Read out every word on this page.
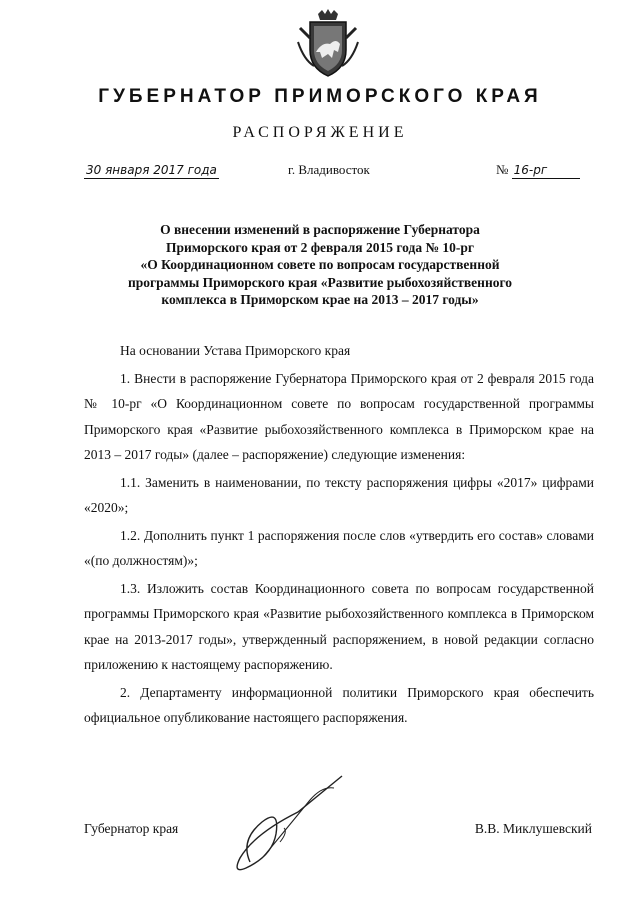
ГУБЕРНАТОР ПРИМОРСКОГО КРАЯ
РАСПОРЯЖЕНИЕ
30 января 2017 года	г. Владивосток	№ 16-рг
О внесении изменений в распоряжение Губернатора
Приморского края от 2 февраля 2015 года № 10-рг
«О Координационном совете по вопросам государственной
программы Приморского края «Развитие рыбохозяйственного
комплекса в Приморском крае на 2013 – 2017 годы»

На основании Устава Приморского края

1. Внести в распоряжение Губернатора Приморского края от 2 февраля 2015 года № 10-рг «О Координационном совете по вопросам государственной программы Приморского края «Развитие рыбохозяйственного комплекса в Приморском крае на 2013 – 2017 годы» (далее – распоряжение) следующие изменения:

1.1. Заменить в наименовании, по тексту распоряжения цифры «2017» цифрами «2020»;

1.2. Дополнить пункт 1 распоряжения после слов «утвердить его состав» словами «(по должностям)»;

1.3. Изложить состав Координационного совета по вопросам государственной программы Приморского края «Развитие рыбохозяйственного комплекса в Приморском крае на 2013-2017 годы», утвержденный распоряжением, в новой редакции согласно приложению к настоящему распоряжению.

2. Департаменту информационной политики Приморского края обеспечить официальное опубликование настоящего распоряжения.

Губернатор края	В.В. Миклушевский
